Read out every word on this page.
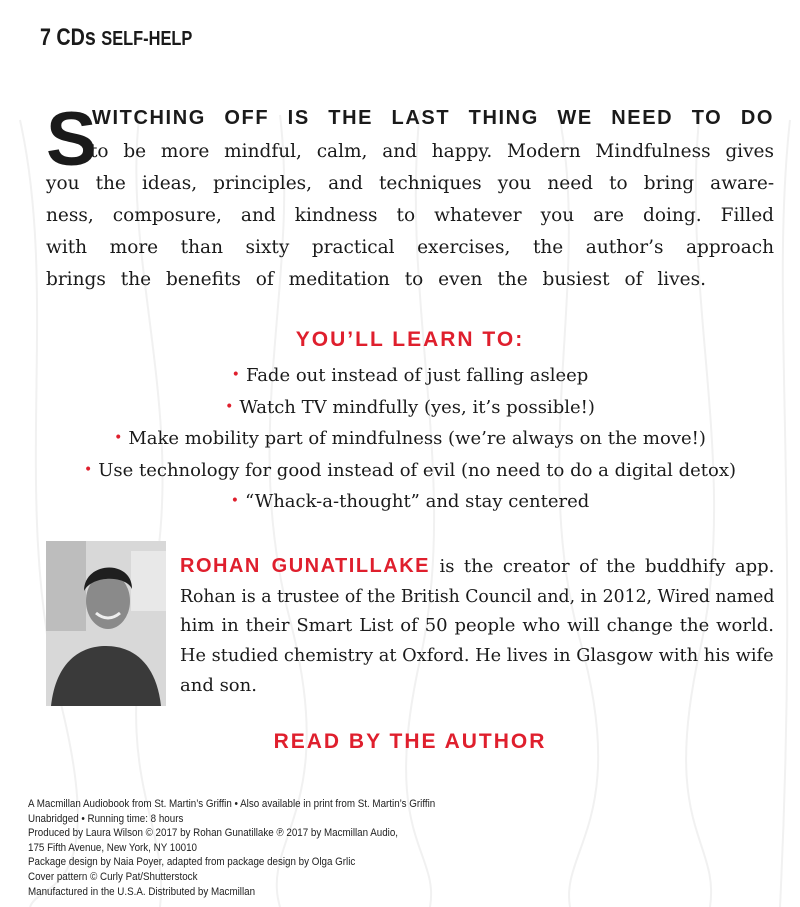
7 CDs SELF-HELP
S
WITCHING OFF IS THE LAST THING WE NEED TO DO
to be more mindful, calm, and happy. Modern Mindfulness gives
you the ideas, principles, and techniques you need to bring aware-
ness, composure, and kindness to whatever you are doing. Filled
with more than sixty practical exercises, the author’s approach
brings the benefits of meditation to even the busiest of lives.
YOU’LL LEARN TO:
• Fade out instead of just falling asleep
• Watch TV mindfully (yes, it’s possible!)
• Make mobility part of mindfulness (we’re always on the move!)
• Use technology for good instead of evil (no need to do a digital detox)
• “Whack-a-thought” and stay centered
ROHAN GUNATILLAKE is the creator of the buddhify app.
Rohan is a trustee of the British Council and, in 2012, Wired named
him in their Smart List of 50 people who will change the world.
He studied chemistry at Oxford. He lives in Glasgow with his wife
and son.
READ BY THE AUTHOR
A Macmillan Audiobook from St. Martin’s Griffin • Also available in print from St. Martin’s Griffin
Unabridged • Running time: 8 hours
Produced by Laura Wilson © 2017 by Rohan Gunatillake ℗ 2017 by Macmillan Audio,
175 Fifth Avenue, New York, NY 10010
Package design by Naia Poyer, adapted from package design by Olga Grlic
Cover pattern © Curly Pat/Shutterstock
Manufactured in the U.S.A. Distributed by Macmillan
